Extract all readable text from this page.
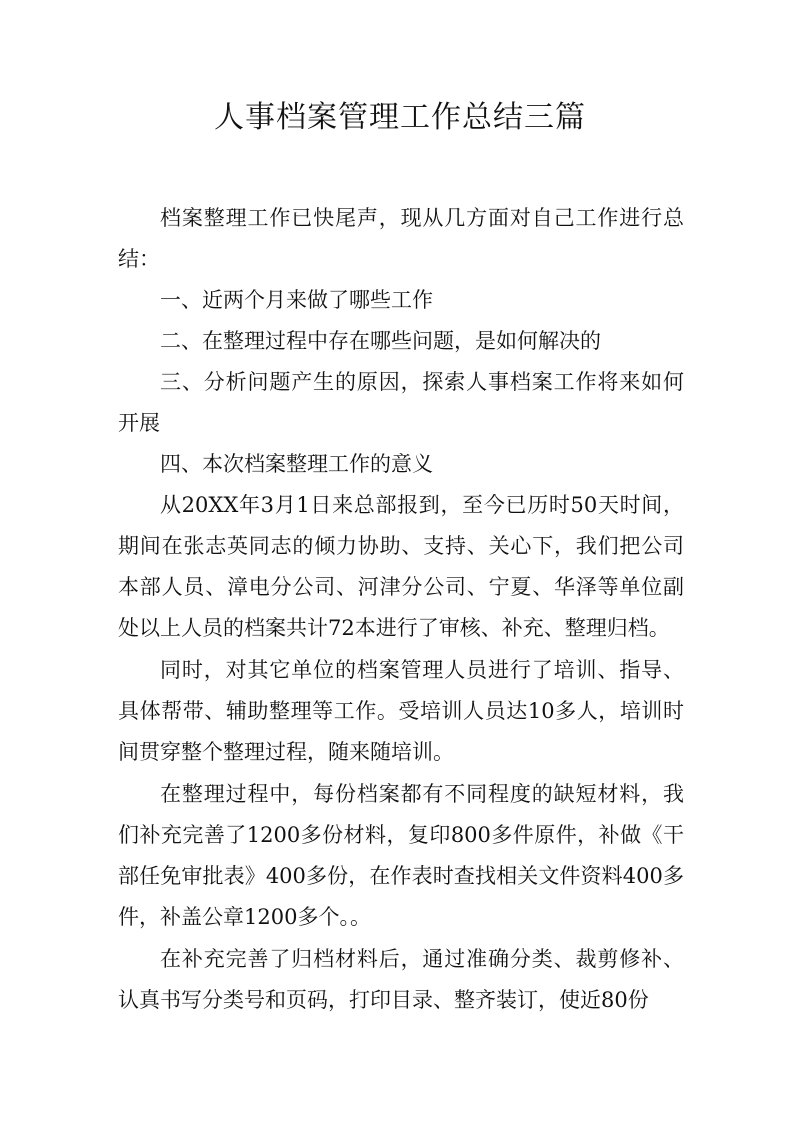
人事档案管理工作总结三篇

档案整理工作已快尾声，现从几方面对自己工作进行总结：

一、近两个月来做了哪些工作

二、在整理过程中存在哪些问题，是如何解决的

三、分析问题产生的原因，探索人事档案工作将来如何开展

四、本次档案整理工作的意义

从20XX年3月1日来总部报到，至今已历时50天时间，期间在张志英同志的倾力协助、支持、关心下，我们把公司本部人员、漳电分公司、河津分公司、宁夏、华泽等单位副处以上人员的档案共计72本进行了审核、补充、整理归档。

同时，对其它单位的档案管理人员进行了培训、指导、具体帮带、辅助整理等工作。受培训人员达10多人，培训时间贯穿整个整理过程，随来随培训。

在整理过程中，每份档案都有不同程度的缺短材料，我们补充完善了1200多份材料，复印800多件原件，补做《干部任免审批表》400多份，在作表时查找相关文件资料400多件，补盖公章1200多个。。

在补充完善了归档材料后，通过准确分类、裁剪修补、认真书写分类号和页码，打印目录、整齐装订，使近80份
